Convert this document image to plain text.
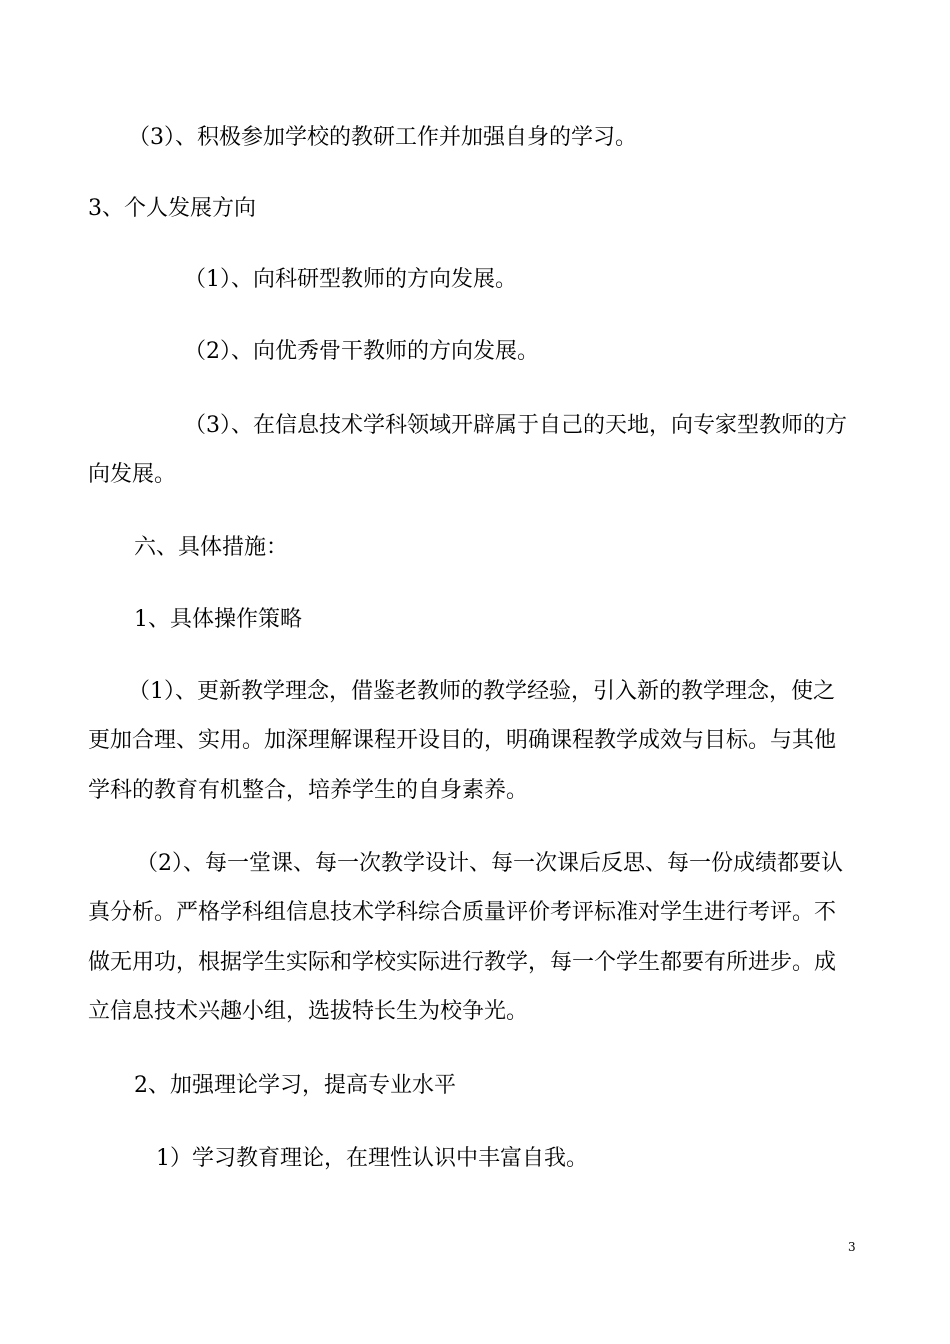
（3）、积极参加学校的教研工作并加强自身的学习。

3、个人发展方向

（1）、向科研型教师的方向发展。

（2）、向优秀骨干教师的方向发展。

（3）、在信息技术学科领域开辟属于自己的天地，向专家型教师的方

向发展。

六、具体措施：

1、具体操作策略

（1）、更新教学理念，借鉴老教师的教学经验，引入新的教学理念，使之

更加合理、实用。加深理解课程开设目的，明确课程教学成效与目标。与其他

学科的教育有机整合，培养学生的自身素养。

（2）、每一堂课、每一次教学设计、每一次课后反思、每一份成绩都要认

真分析。严格学科组信息技术学科综合质量评价考评标准对学生进行考评。不

做无用功，根据学生实际和学校实际进行教学，每一个学生都要有所进步。成

立信息技术兴趣小组，选拔特长生为校争光。

2、加强理论学习，提高专业水平

1）学习教育理论，在理性认识中丰富自我。

3
